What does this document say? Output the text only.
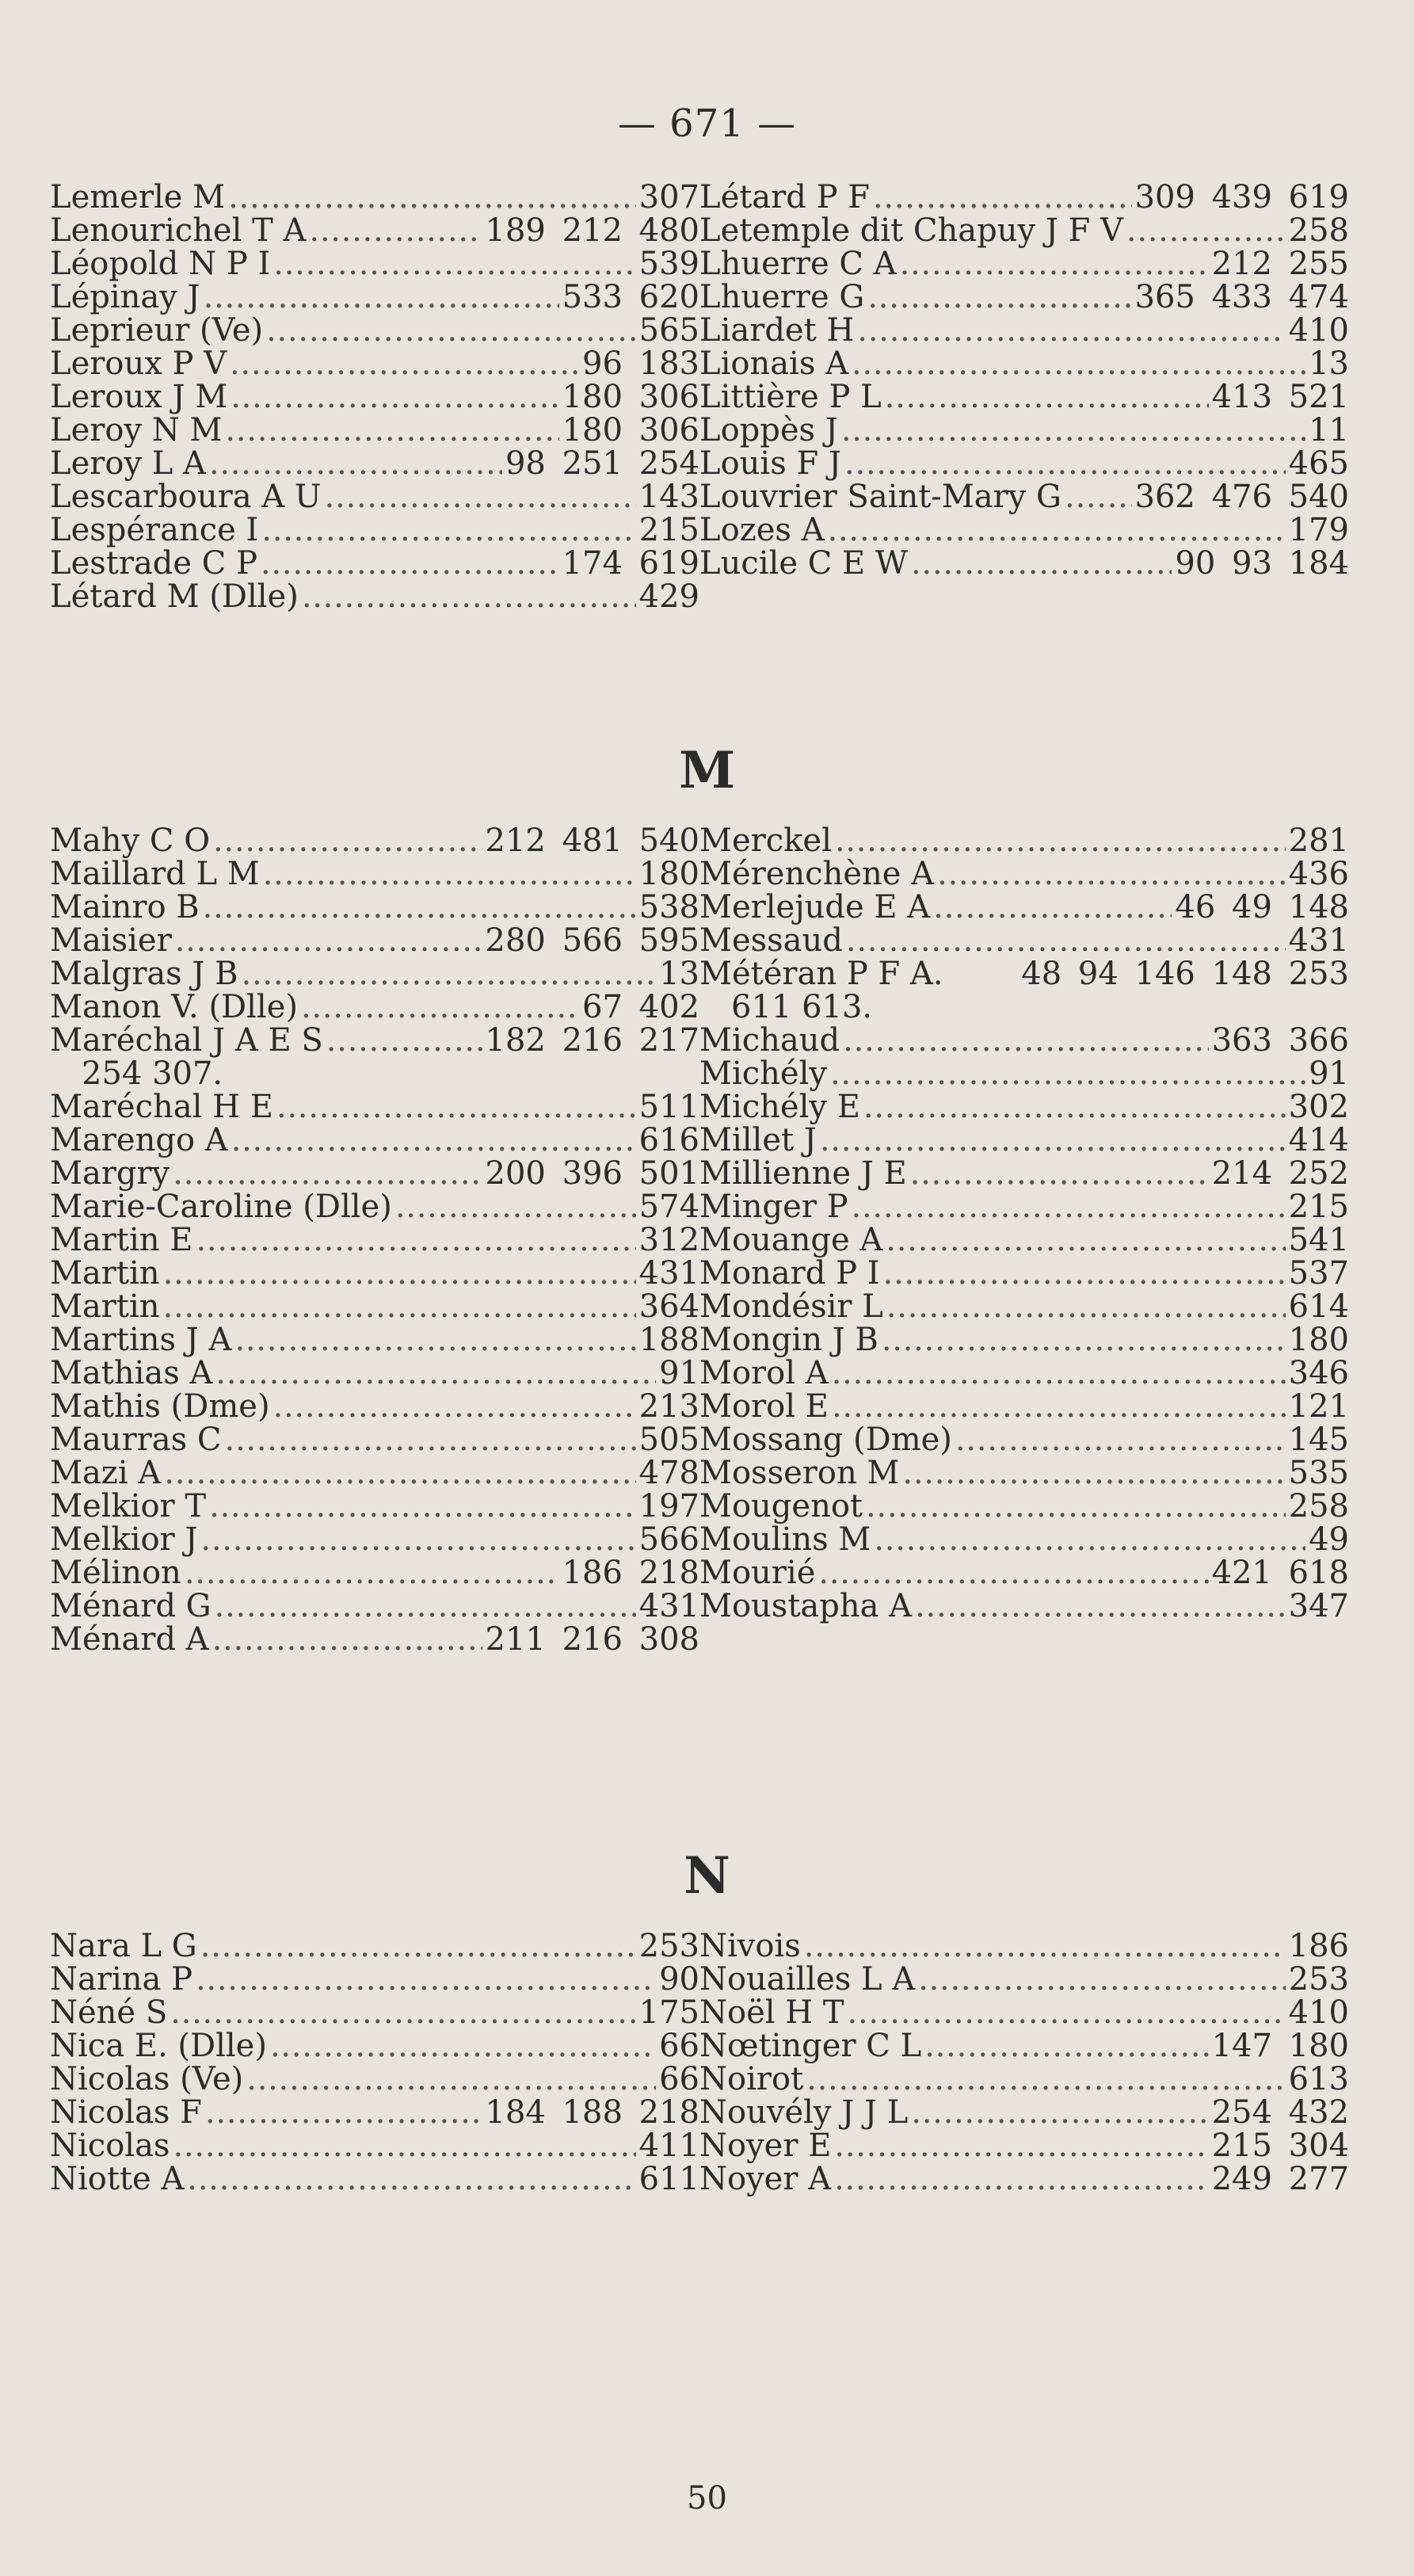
— 671 —
Lemerle M . . .	307
Lenourichel T A . . .	189 212 480
Léopold N P I . . .	539
Lépinay J . . .	533 620
Leprieur (Ve) . . .	565
Leroux P V . . .	96 183
Leroux J M . . .	180 306
Leroy N M . . .	180 306
Leroy L A . . .	98 251 254
Lescarboura A U . . .	143
Lespérance I . . .	215
Lestrade C P . . .	174 619
Létard M (Dlle) . . .	429
Létard P F . . .	309 439 619
Letemple dit Chapuy J F V . . .	258
Lhuerre C A . . .	212 255
Lhuerre G . . .	365 433 474
Liardet H . . .	410
Lionais A . . .	13
Littière P L . . .	413 521
Loppès J . . .	11
Louis F J . . .	465
Louvrier Saint-Mary G . . . 362 476 540
Lozes A . . .	179
Lucile C E W . . .	90 93 184
M
Mahy C O . . .	212 481 540
Maillard L M . . .	180
Mainro B . . .	538
Maisier . . .	280 566 595
Malgras J B . . .	13
Manon V. (Dlle) . . .	67 402
Maréchal J A E S . . .	182 216 217
254 307.
Maréchal H E . . .	511
Marengo A . . .	616
Margry . . .	200 396 501
Marie-Caroline (Dlle) . . .	574
Martin E . . .	312
Martin . . .	431
Martin . . .	364
Martins J A . . .	188
Mathias A . . .	91
Mathis (Dme) . . .	213
Maurras C . . .	505
Mazi A . . .	478
Melkior T . . .	197
Melkior J . . .	566
Mélinon . . .	186 218
Ménard G . . .	431
Ménard A . . .	211 216 308
Merckel . . .	281
Mérenchène A . . .	436
Merlejude E A . . .	46 49 148
Messaud . . .	431
Météran P F A. 48 94 146 148 253
611 613.
Michaud . . .	363 366
Michély . . .	91
Michély E . . .	302
Millet J . . .	414
Millienne J E . . .	214 252
Minger P . . .	215
Mouange A . . .	541
Monard P I . . .	537
Mondésir L . . .	614
Mongin J B . . .	180
Morol A . . .	346
Morol E . . .	121
Mossang (Dme) . . .	145
Mosseron M . . .	535
Mougenot . . .	258
Moulins M . . .	49
Mourié . . .	421 618
Moustapha A . . .	347
N
Nara L G . . .	253
Narina P . . .	90
Néné S . . .	175
Nica E. (Dlle) . . .	66
Nicolas (Ve) . . .	66
Nicolas F . . .	184 188 218
Nicolas . . .	411
Niotte A . . .	611
Nivois . . .	186
Nouailles L A . . .	253
Noël H T . . .	410
Nœtinger C L . . .	147 180
Noirot . . .	613
Nouvély J J L . . .	254 432
Noyer E . . .	215 304
Noyer A . . .	249 277
50
